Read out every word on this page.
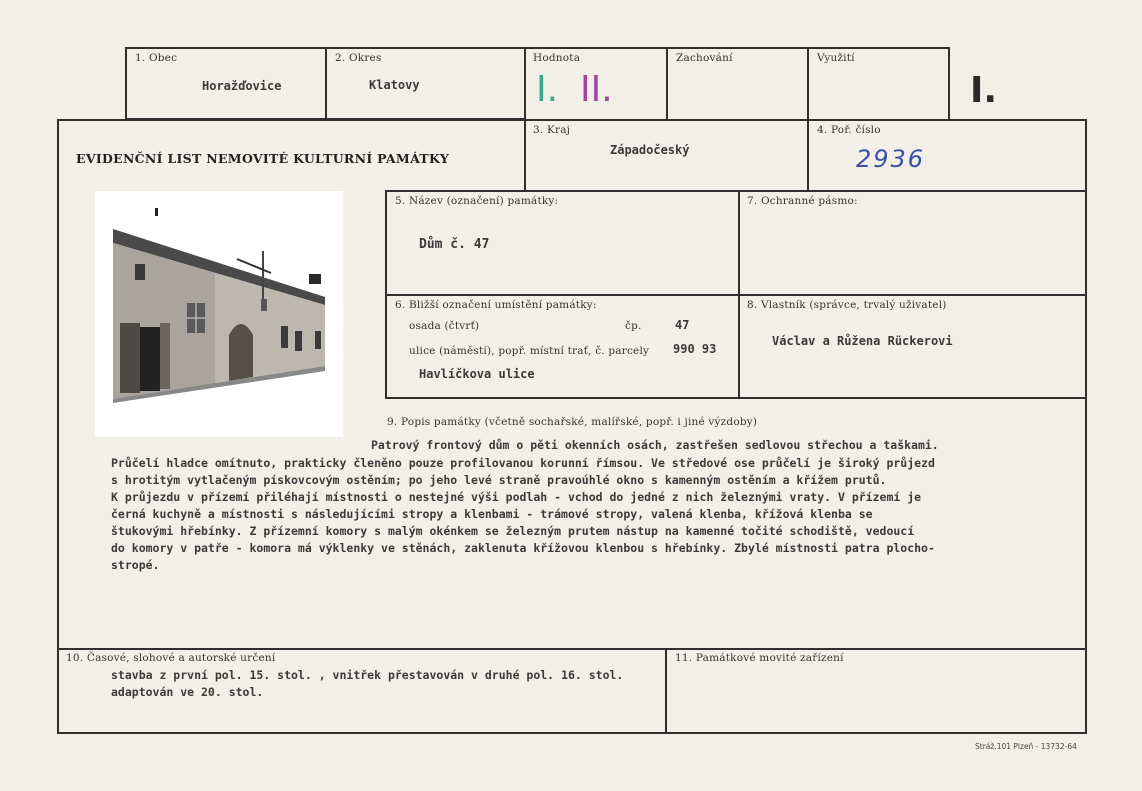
1. Obec
Horažďovice
2. Okres
Klatovy
Hodnota
I. II.
Zachování	Využití
I.
EVIDENČNÍ LIST NEMOVITÉ KULTURNÍ PAMÁTKY
3. Kraj
Západočeský
4. Poř. číslo
2936
5. Název (označení) památky:
Dům č. 47
7. Ochranné pásmo:
6. Bližší označení umístění památky:
osada (čtvrť)	čp.	47
ulice (náměstí), popř. místní trať, č. parcely 990 93
Havlíčkova ulice
8. Vlastník (správce, trvalý uživatel)
Václav a Růžena Rückerovi
9. Popis památky (včetně sochařské, malířské, popř. i jiné výzdoby)
Patrový frontový dům o pěti okenních osách, zastřešen sedlovou střechou a taškami.
Průčelí hladce omítnuto, prakticky členěno pouze profilovanou korunní římsou. Ve středové ose průčelí je široký průjezd
s hrotitým vytlačeným pískovcovým ostěním; po jeho levé straně pravoúhlé okno s kamenným ostěním a křížem prutů.
K průjezdu v přízemí přiléhají místnosti o nestejné výši podlah - vchod do jedné z nich železnými vraty. V přízemí je
černá kuchyně a místnosti s následujícími stropy a klenbami - trámové stropy, valená klenba, křížová klenba se
štukovými hřebínky. Z přízemní komory s malým okénkem se železným prutem nástup na kamenné točité schodiště, vedoucí
do komory v patře - komora má výklenky ve stěnách, zaklenuta křížovou klenbou s hřebínky. Zbylé místnosti patra plocho-
stropé.
10. Časové, slohové a autorské určení
stavba z první pol. 15. stol. , vnitřek přestavován v druhé pol. 16. stol.
adaptován ve 20. stol.
11. Památkové movité zařízení
Stráž.101 Plzeň - 13732-64
